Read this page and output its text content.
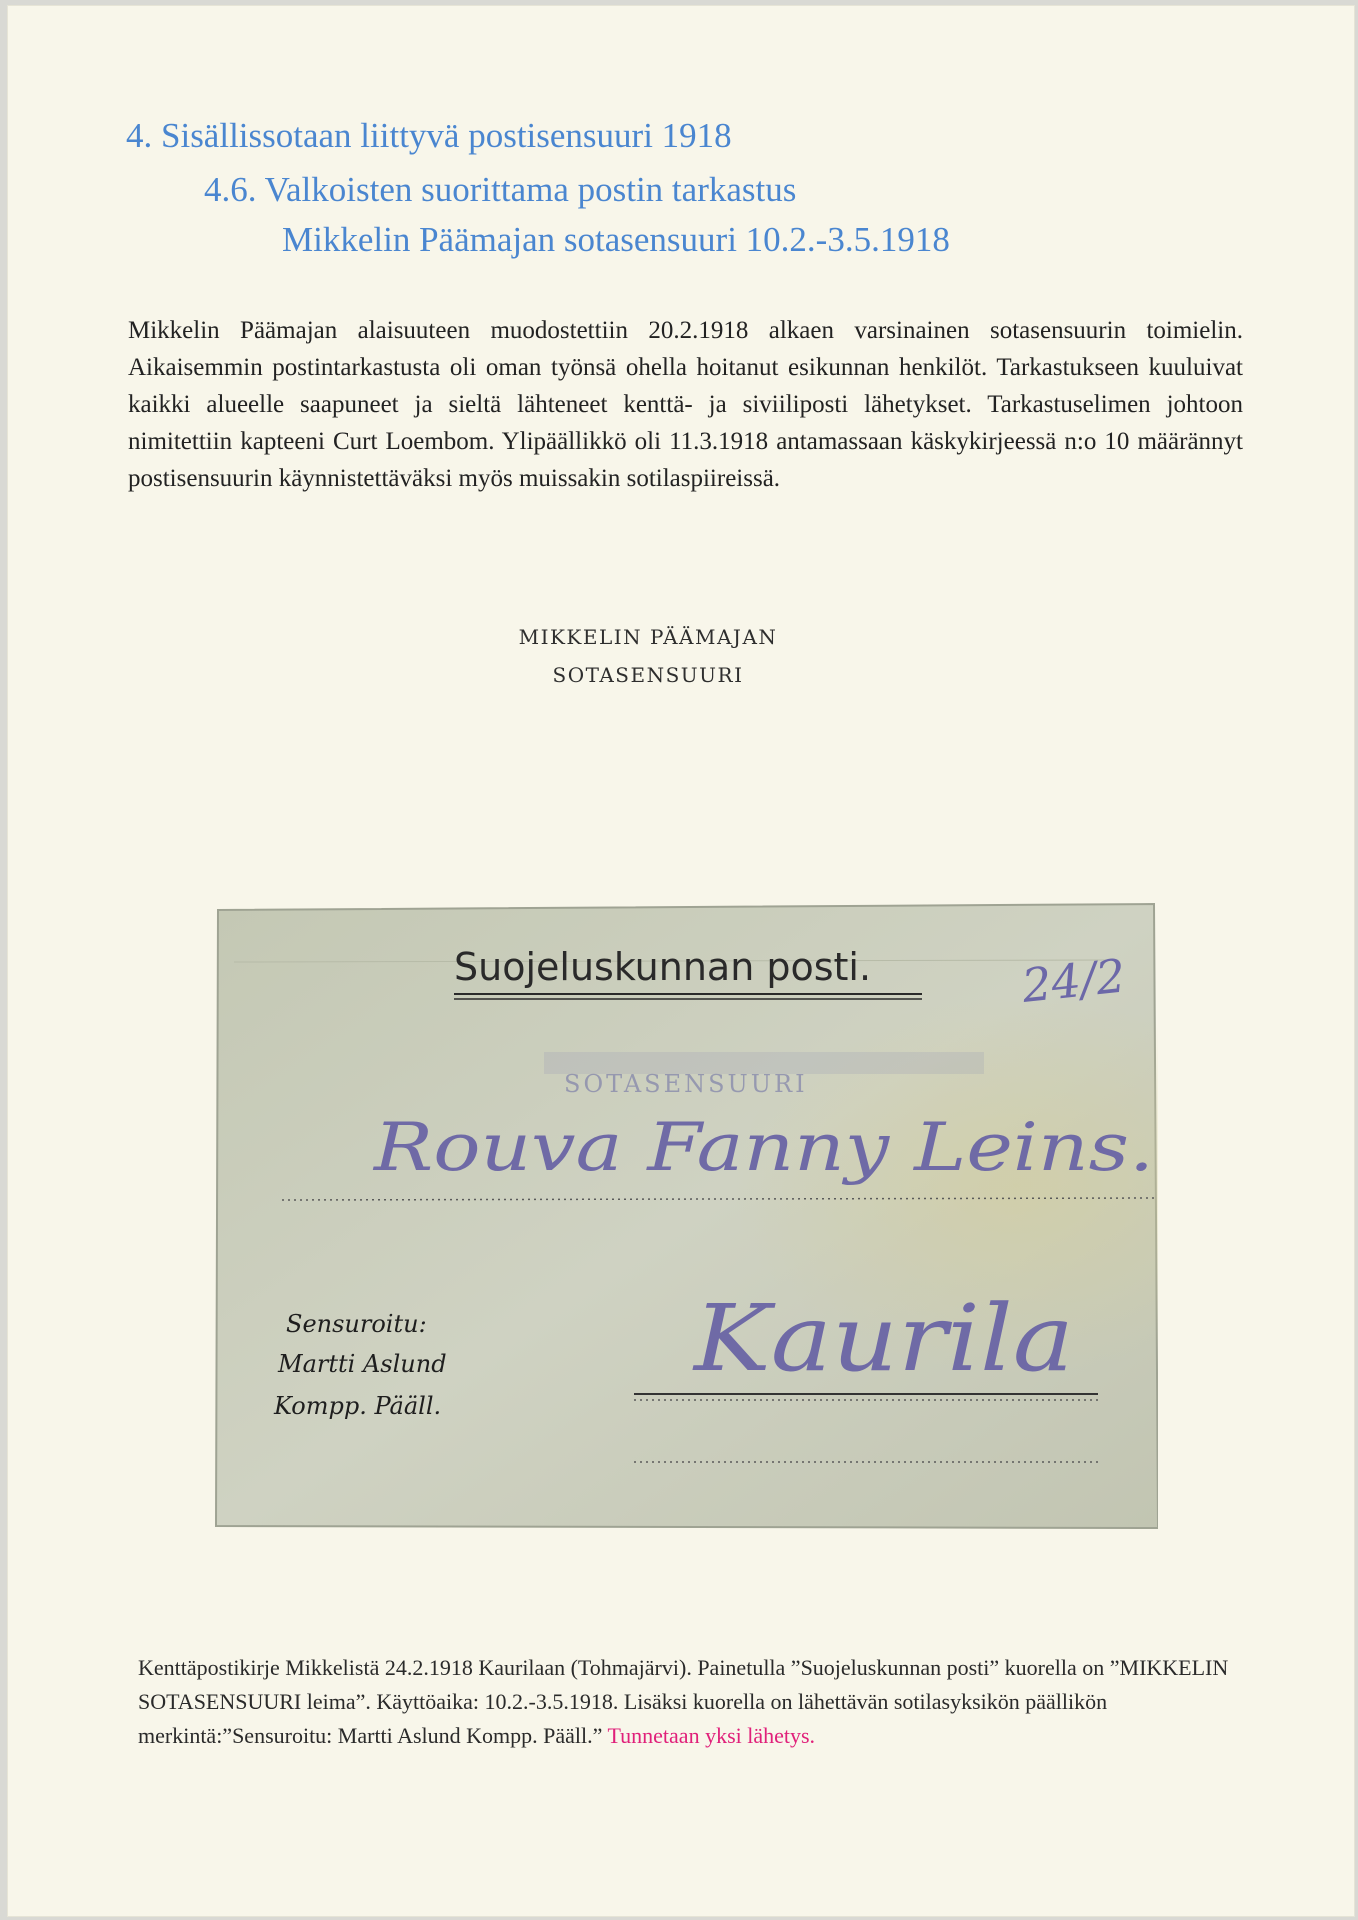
4. Sisällissotaan liittyvä postisensuuri 1918
4.6. Valkoisten suorittama postin tarkastus
Mikkelin Päämajan sotasensuuri 10.2.-3.5.1918

Mikkelin Päämajan alaisuuteen muodostettiin 20.2.1918 alkaen varsinainen sotasensuurin toimielin. Aikaisemmin postintarkastusta oli oman työnsä ohella hoitanut esikunnan henkilöt. Tarkastukseen kuuluivat kaikki alueelle saapuneet ja sieltä lähteneet kenttä- ja siviiliposti lähetykset. Tarkastuselimen johtoon nimitettiin kapteeni Curt Loembom. Ylipäällikkö oli 11.3.1918 antamassaan käskykirjeessä n:o 10 määrännyt postisensuurin käynnistettäväksi myös muissakin sotilaspiireissä.

MIKKELIN PÄÄMAJAN
SOTASENSUURI
Suojeluskunnan posti.	24/2
SOTASENSUURI
Rouva Fanny Leins.
Kaurila
Sensuroitu:
Martti Aslund
Kompp. Pääll.
Kenttäpostikirje Mikkelistä 24.2.1918 Kaurilaan (Tohmajärvi). Painetulla ”Suojeluskunnan posti” kuorella on ”MIKKELIN SOTASENSUURI leima”. Käyttöaika: 10.2.-3.5.1918. Lisäksi kuorella on lähettävän sotilasyksikön päällikön merkintä:”Sensuroitu: Martti Aslund Kompp. Pääll.” Tunnetaan yksi lähetys.
